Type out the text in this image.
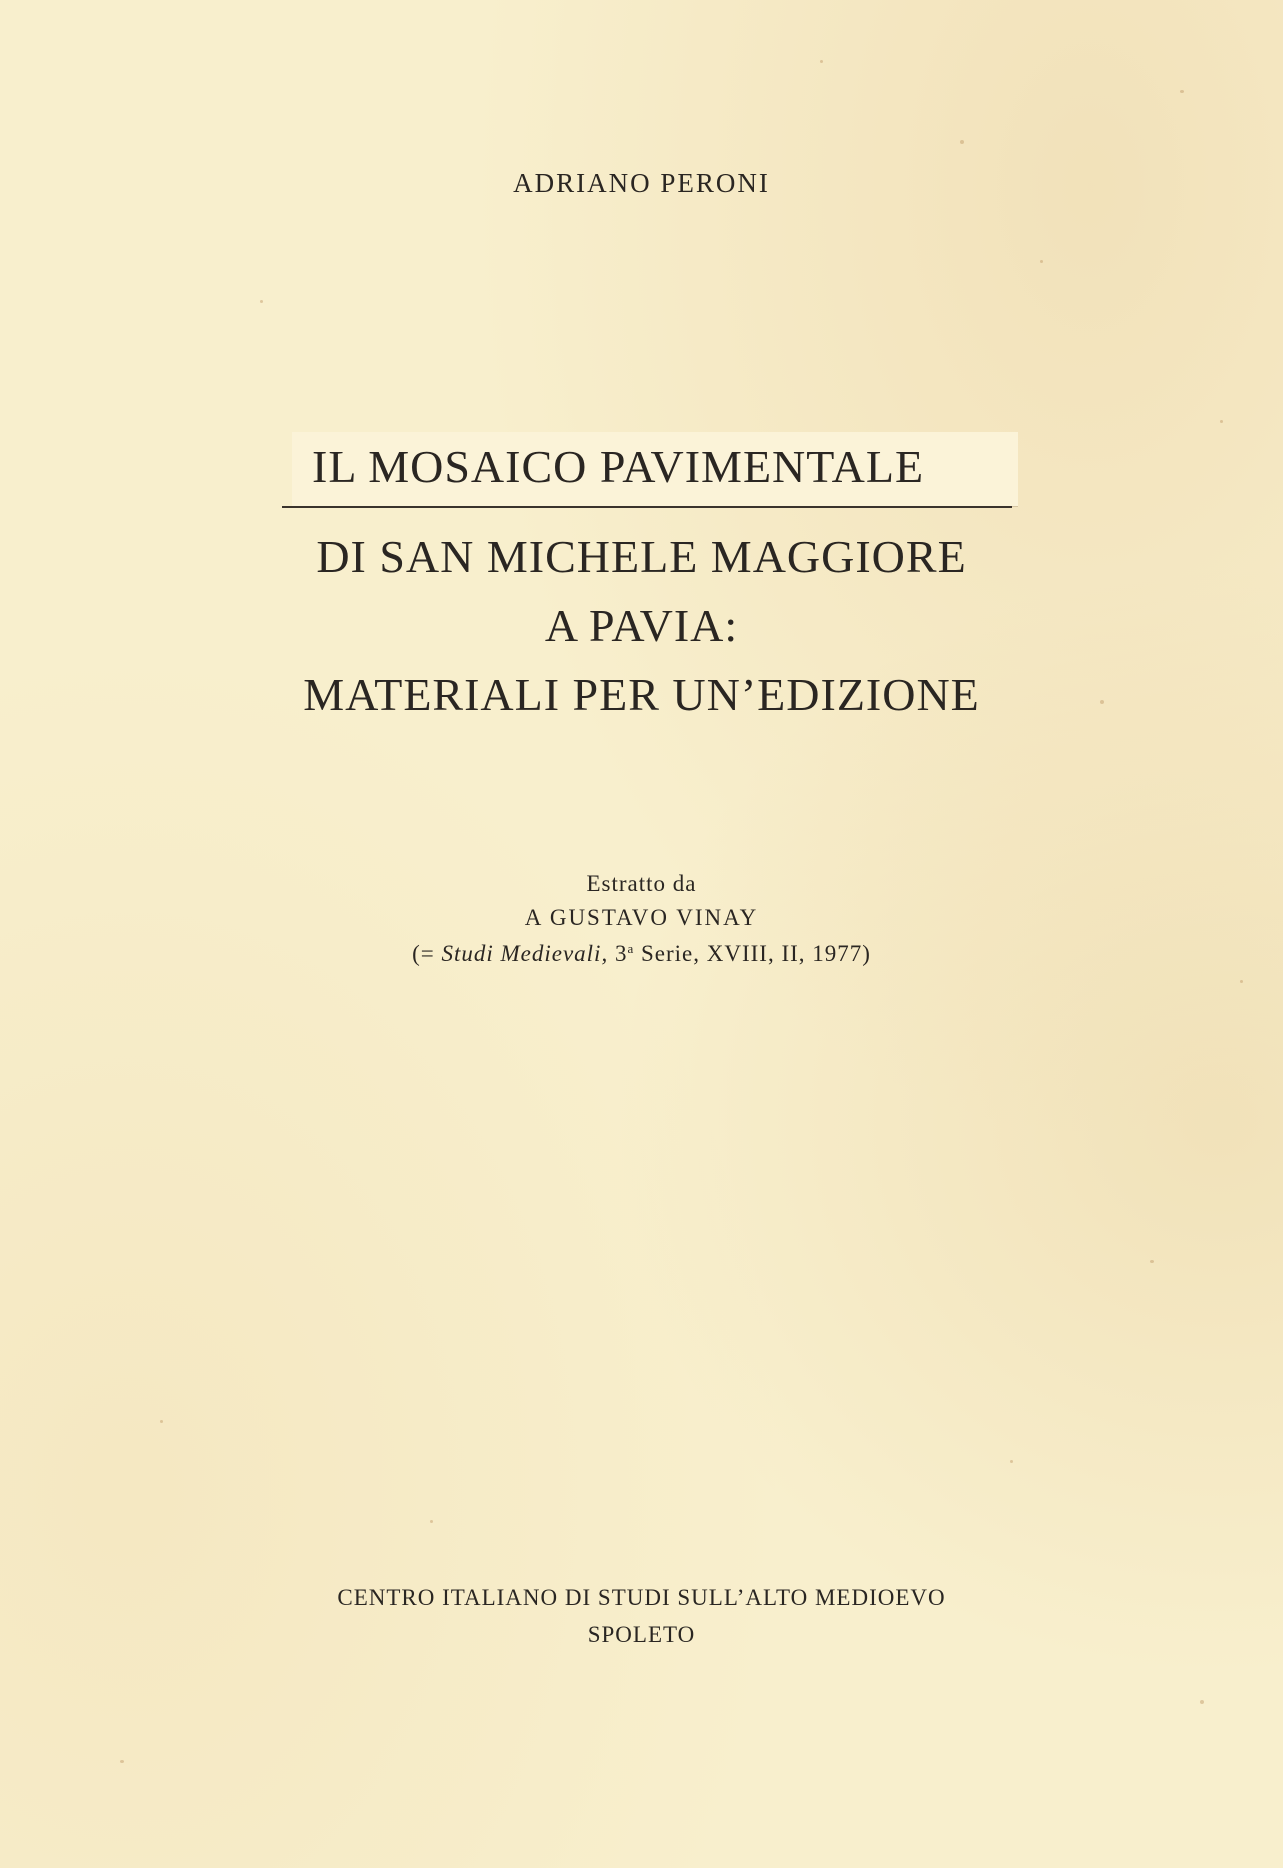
ADRIANO PERONI
IL MOSAICO PAVIMENTALE
DI SAN MICHELE MAGGIORE
A PAVIA:
MATERIALI PER UN’EDIZIONE
Estratto da
A GUSTAVO VINAY
(= Studi Medievali, 3$^a$ Serie, XVIII, II, 1977)
CENTRO ITALIANO DI STUDI SULL’ALTO MEDIOEVO
SPOLETO
